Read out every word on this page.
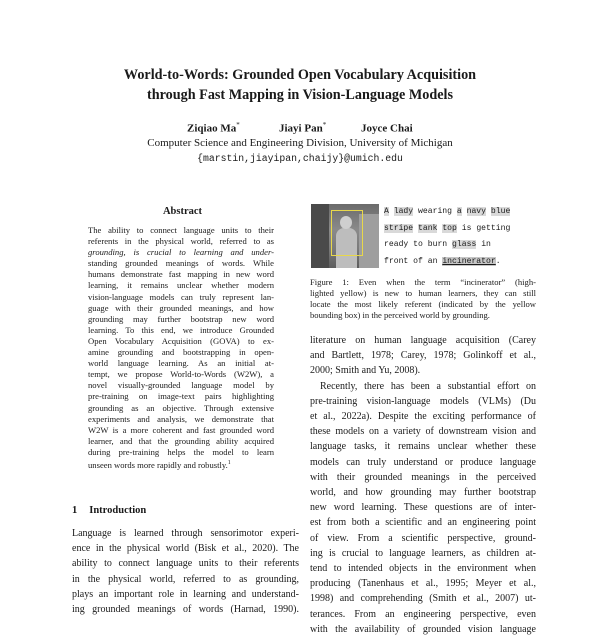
World-to-Words: Grounded Open Vocabulary Acquisition
through Fast Mapping in Vision-Language Models
Ziqiao Ma*	Jiayi Pan*	Joyce Chai
Computer Science and Engineering Division, University of Michigan
{marstin,jiayipan,chaijy}@umich.edu
Abstract
The ability to connect language units to their
referents in the physical world, referred to as
grounding, is crucial to learning and under-
standing grounded meanings of words. While
humans demonstrate fast mapping in new word
learning, it remains unclear whether modern
vision-language models can truly represent lan-
guage with their grounded meanings, and how
grounding may further bootstrap new word
learning. To this end, we introduce Grounded
Open Vocabulary Acquisition (GOVA) to ex-
amine grounding and bootstrapping in open-
world language learning. As an initial at-
tempt, we propose World-to-Words (W2W), a
novel visually-grounded language model by
pre-training on image-text pairs highlighting
grounding as an objective. Through extensive
experiments and analysis, we demonstrate that
W2W is a more coherent and fast grounded word
learner, and that the grounding ability acquired
during pre-training helps the model to learn
unseen words more rapidly and robustly.$^1$
1 Introduction
Language is learned through sensorimotor experi-
ence in the physical world (Bisk et al., 2020). The
ability to connect language units to their referents
in the physical world, referred to as grounding,
plays an important role in learning and understand-
ing grounded meanings of words (Harnad, 1990).
A lady wearing a navy blue
stripe tank top is getting
ready to burn glass in
front of an incinerator.
Figure 1: Even when the term “incinerator” (high-
lighted yellow) is new to human learners, they can still
locate the most likely referent (indicated by the yellow
bounding box) in the perceived world by grounding.
literature on human language acquisition (Carey
and Bartlett, 1978; Carey, 1978; Golinkoff et al.,
2000; Smith and Yu, 2008).
Recently, there has been a substantial effort on
pre-training vision-language models (VLMs) (Du
et al., 2022a). Despite the exciting performance of
these models on a variety of downstream vision and
language tasks, it remains unclear whether these
models can truly understand or produce language
with their grounded meanings in the perceived
world, and how grounding may further bootstrap
new word learning. These questions are of inter-
est from both a scientific and an engineering point
of view. From a scientific perspective, ground-
ing is crucial to language learners, as children at-
tend to intended objects in the environment when
producing (Tanenhaus et al., 1995; Meyer et al.,
1998) and comprehending (Smith et al., 2007) ut-
terances. From an engineering perspective, even
with the availability of grounded vision language
